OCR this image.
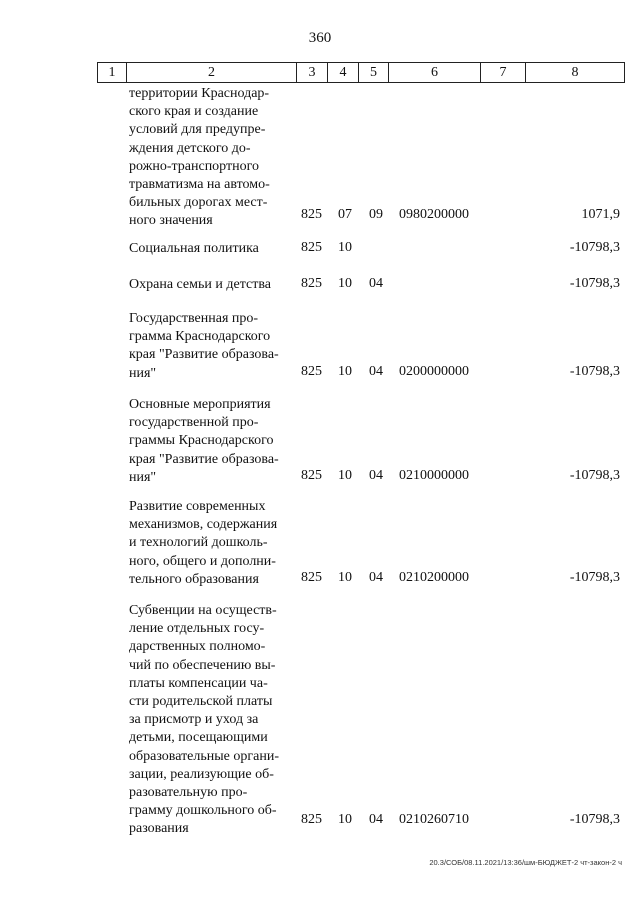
360
1	2	3	4	5	6	7	8
территории Краснодар-
ского края и создание
условий для предупре-
ждения детского до-
рожно-транспортного
травматизма на автомо-
бильных дорогах мест-
ного значения	825 07 09 0980200000	1071,9
Социальная политика	825 10	-10798,3
Охрана семьи и детства	825 10 04	-10798,3
Государственная про-
грамма Краснодарского
края "Развитие образова-
ния"	825 10 04 0200000000	-10798,3
Основные мероприятия
государственной про-
граммы Краснодарского
края "Развитие образова-
ния"	825 10 04 0210000000	-10798,3
Развитие современных
механизмов, содержания
и технологий дошколь-
ного, общего и дополни-
тельного образования	825 10 04 0210200000	-10798,3
Субвенции на осуществ-
ление отдельных госу-
дарственных полномо-
чий по обеспечению вы-
платы компенсации ча-
сти родительской платы
за присмотр и уход за
детьми, посещающими
образовательные органи-
зации, реализующие об-
разовательную про-
грамму дошкольного об-
разования
825 10 04 0210260710	-10798,3
20.3/СОБ/08.11.2021/13:36/шм-БЮДЖЕТ-2 чт-закон-2 ч
